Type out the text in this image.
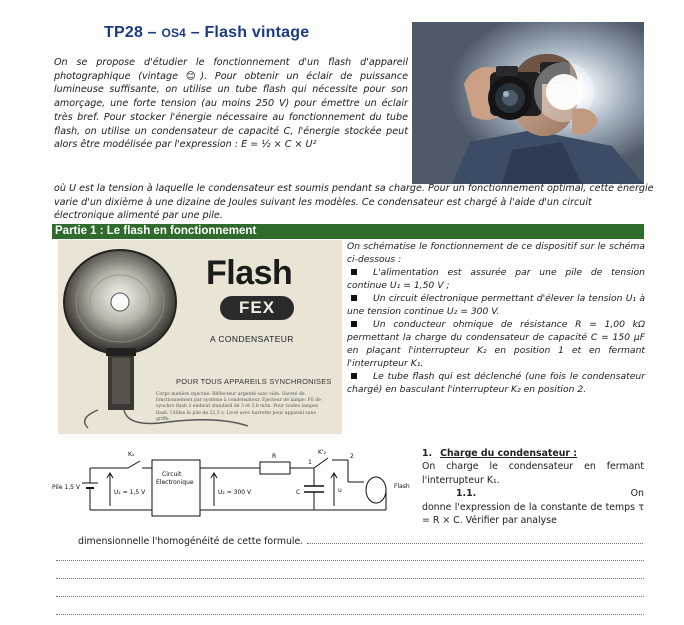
TP28 – OS4 – Flash vintage

On se propose d'étudier le fonctionnement d'un flash d'appareil photographique (vintage 😊). Pour obtenir un éclair de puissance lumineuse suffisante, on utilise un tube flash qui nécessite pour son amorçage, une forte tension (au moins 250 V) pour émettre un éclair très bref. Pour stocker l'énergie nécessaire au fonctionnement du tube flash, on utilise un condensateur de capacité C, l'énergie stockée peut alors être modélisée par l'expression : E = ½ × C × U²

où U est la tension à laquelle le condensateur est soumis pendant sa charge. Pour un fonctionnement optimal, cette énergie varie d'un dixième à une dizaine de Joules suivant les modèles. Ce condensateur est chargé à l'aide d'un circuit électronique alimenté par une pile.

Partie 1 : Le flash en fonctionnement
Flash
FEX
A CONDENSATEUR
POUR TOUS APPAREILS SYNCHRONISES
Corps matière injectée. Réflecteur argenté sans vide. Sureté de fonctionnement par système à condensateur. Ejecteur de lampe. Fil de synchro flash à embout standard de 3 et 3,8 m/m. Pour toutes lampes flash. Utilise la pile de 22,5 v. Livré avec barrette pour appareil sans griffe.
On schématise le fonctionnement de ce dispositif sur le schéma ci-dessous :
L'alimentation est assurée par une pile de tension continue U₁ = 1,50 V ;
Un circuit électronique permettant d'élever la tension U₁ à une tension continue U₂ = 300 V.
Un conducteur ohmique de résistance R = 1,00 kΩ permettant la charge du condensateur de capacité C = 150 µF en plaçant l'interrupteur K₂ en position 1 et en fermant l'interrupteur K₁.
Le tube flash qui est déclenché (une fois le condensateur chargé) en basculant l'interrupteur K₂ en position 2.
K₁
Pile 1,5 V
U₁ = 1,5 V
Circuit
Electronique
U₂ = 300 V
R
K'₂
1
2
C	u
Flash
1. Charge du condensateur :
On charge le condensateur en fermant l'interrupteur K₁.
1.1.	On
donne l'expression de la constante de temps τ = R × C. Vérifier par analyse
dimensionnelle l'homogénéité de cette formule.
